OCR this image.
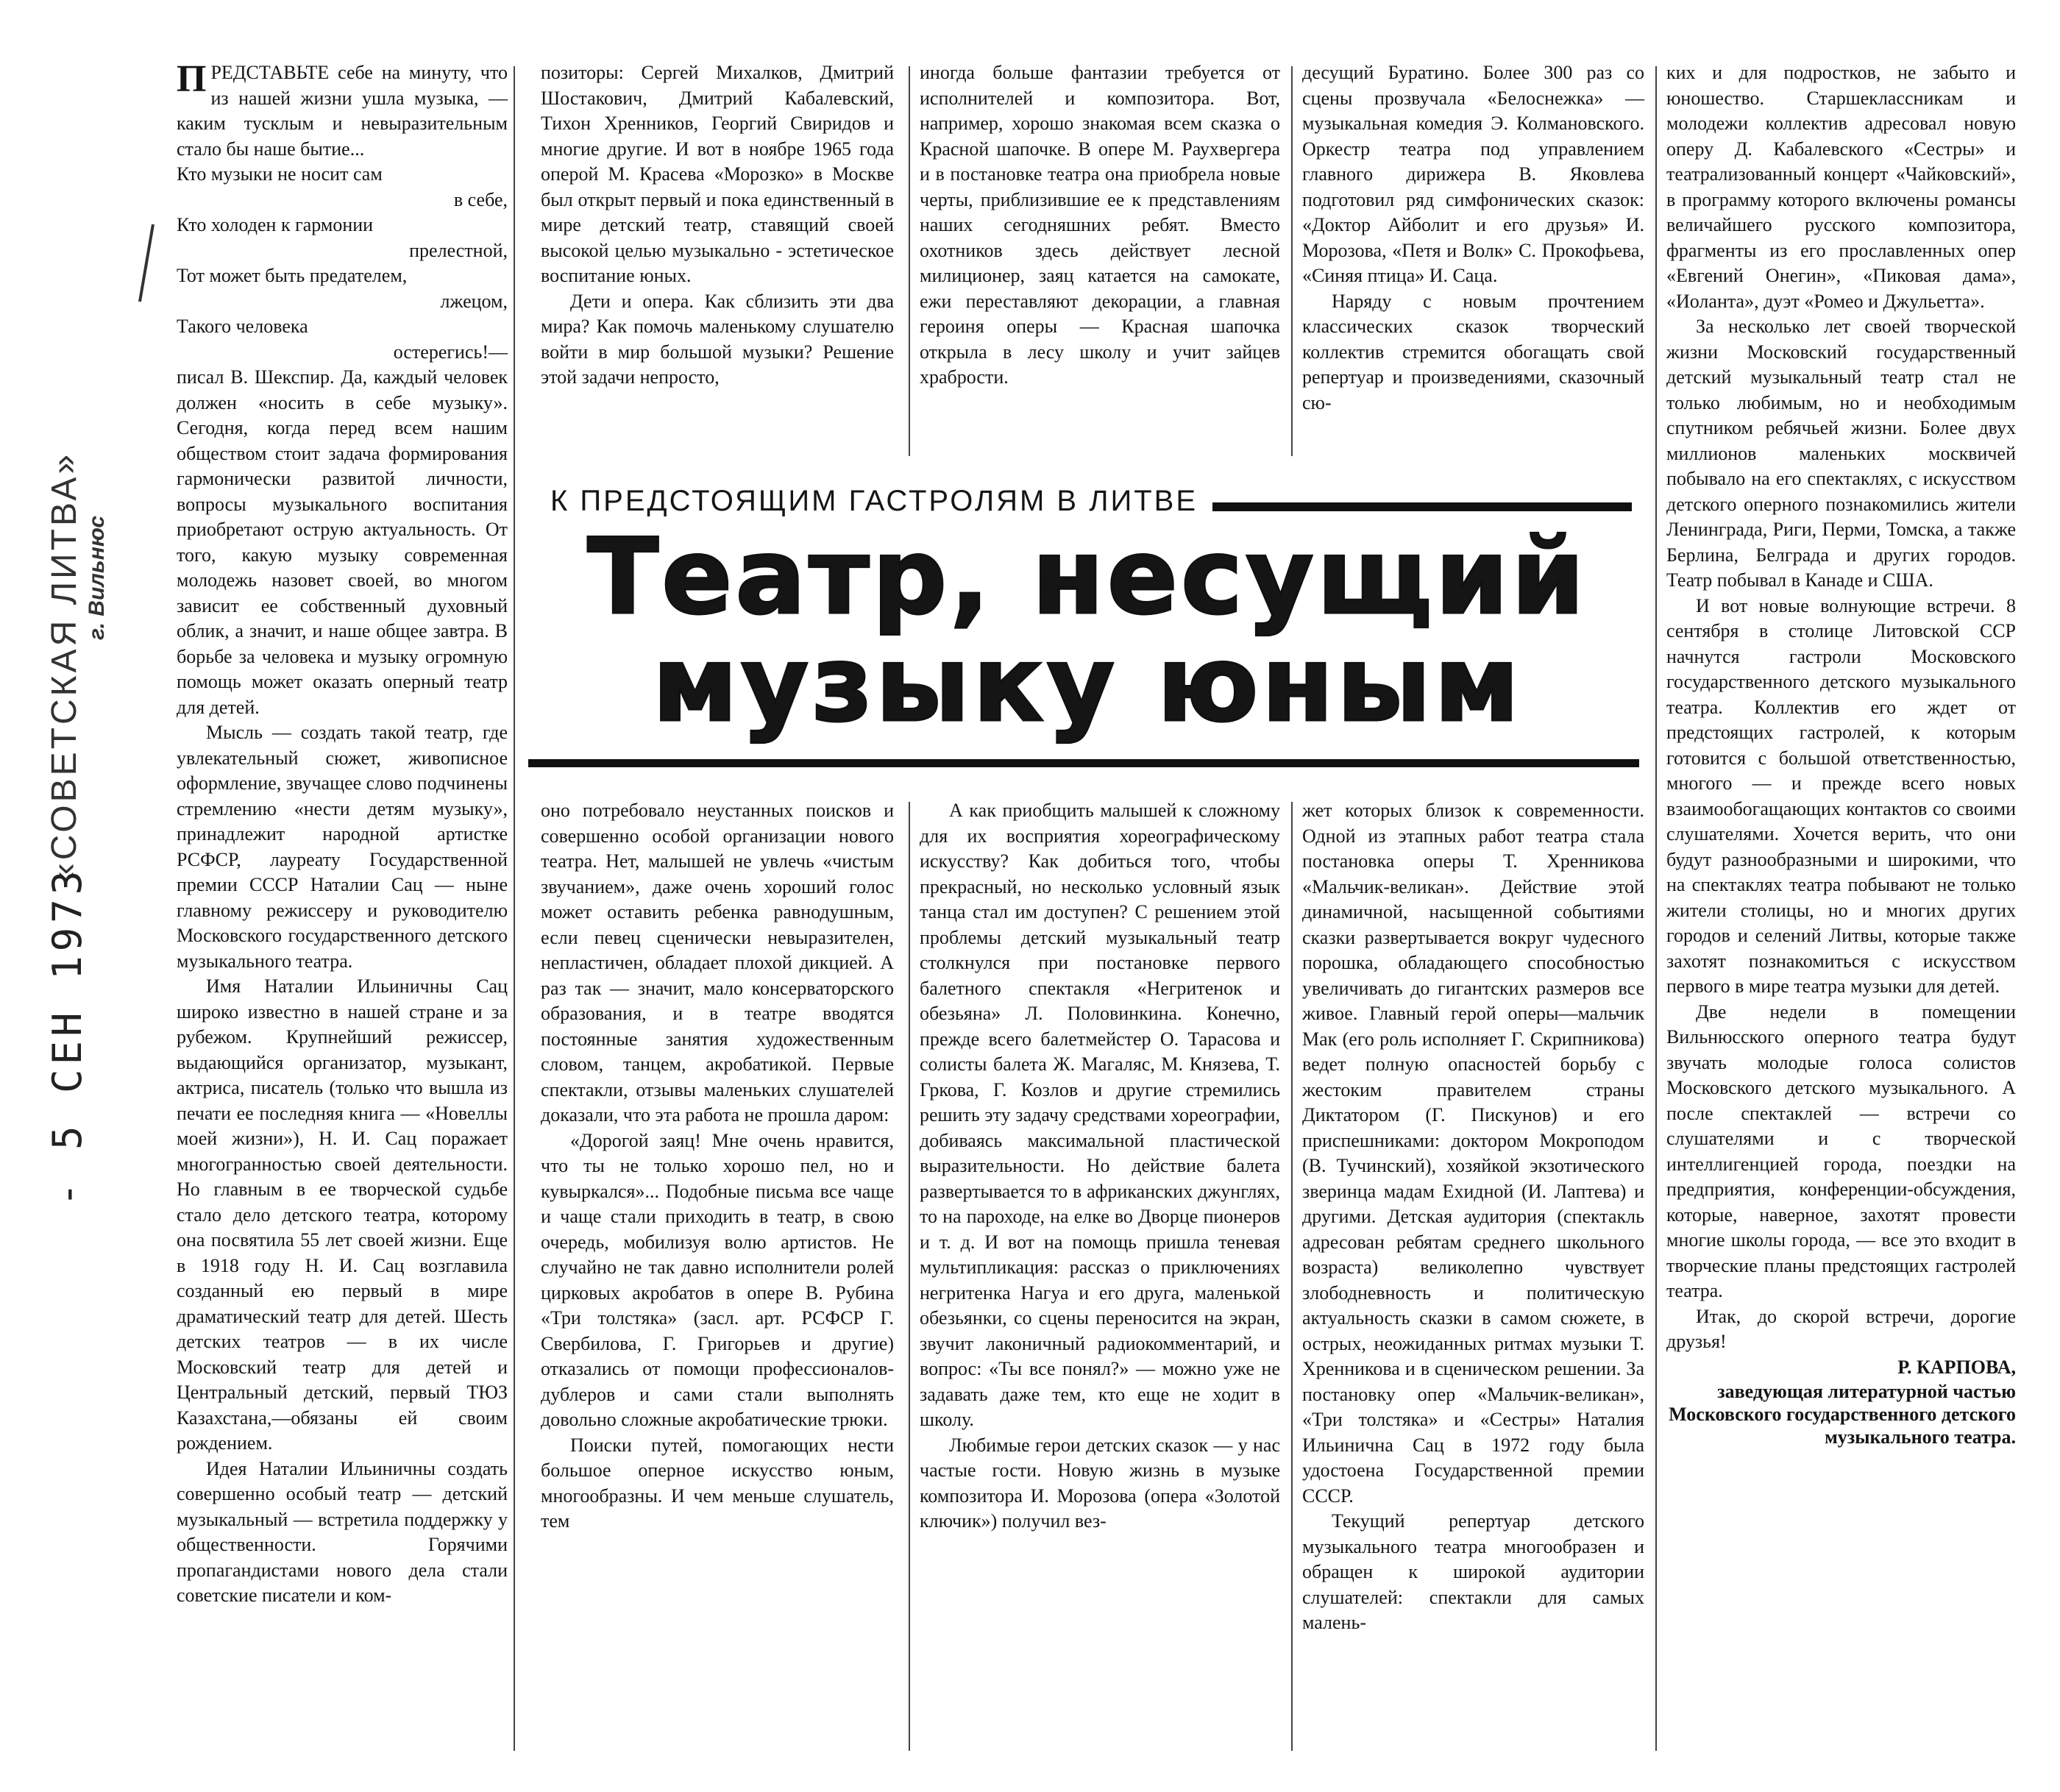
«СОВЕТСКАЯ ЛИТВА» г. Вильнюс
- 5 СЕН 1973

ПРЕДСТАВЬТЕ себе на минуту, что из нашей жизни ушла музыка, — каким тусклым и невыразительным стало бы наше бытие...

Кто музыки не носит сам
в себе,
Кто холоден к гармонии
прелестной,
Тот может быть предателем,
лжецом,
Такого человека
остерегись!—

писал В. Шекспир. Да, каждый человек должен «носить в себе музыку». Сегодня, когда перед всем нашим обществом стоит задача формирования гармонически развитой личности, вопросы музыкального воспитания приобретают острую актуальность. От того, какую музыку современная молодежь назовет своей, во многом зависит ее собственный духовный облик, а значит, и наше общее завтра. В борьбе за человека и музыку огромную помощь может оказать оперный театр для детей.

Мысль — создать такой театр, где увлекательный сюжет, живописное оформление, звучащее слово подчинены стремлению «нести детям музыку», принадлежит народной артистке РСФСР, лауреату Государственной премии СССР Наталии Сац — ныне главному режиссеру и руководителю Московского государственного детского музыкального театра.

Имя Наталии Ильиничны Сац широко известно в нашей стране и за рубежом. Крупнейший режиссер, выдающийся организатор, музыкант, актриса, писатель (только что вышла из печати ее последняя книга — «Новеллы моей жизни»), Н. И. Сац поражает многогранностью своей деятельности. Но главным в ее творческой судьбе стало дело детского театра, которому она посвятила 55 лет своей жизни. Еще в 1918 году Н. И. Сац возглавила созданный ею первый в мире драматический театр для детей. Шесть детских театров — в их числе Московский театр для детей и Центральный детский, первый ТЮЗ Казахстана,—обязаны ей своим рождением.

Идея Наталии Ильиничны создать совершенно особый театр — детский музыкальный — встретила поддержку у общественности. Горячими пропагандистами нового дела стали советские писатели и ком-

позиторы: Сергей Михалков, Дмитрий Шостакович, Дмитрий Кабалевский, Тихон Хренников, Георгий Свиридов и многие другие. И вот в ноябре 1965 года оперой М. Красева «Морозко» в Москве был открыт первый и пока единственный в мире детский театр, ставящий своей высокой целью музыкально - эстетическое воспитание юных.

Дети и опера. Как сблизить эти два мира? Как помочь маленькому слушателю войти в мир большой музыки? Решение этой задачи непросто,

иногда больше фантазии требуется от исполнителей и композитора. Вот, например, хорошо знакомая всем сказка о Красной шапочке. В опере М. Раухвергера и в постановке театра она приобрела новые черты, приблизившие ее к представлениям наших сегодняшних ребят. Вместо охотников здесь действует лесной милиционер, заяц катается на самокате, ежи переставляют декорации, а главная героиня оперы — Красная шапочка открыла в лесу школу и учит зайцев храбрости.

десущий Буратино. Более 300 раз со сцены прозвучала «Белоснежка» — музыкальная комедия Э. Колмановского. Оркестр театра под управлением главного дирижера В. Яковлева подготовил ряд симфонических сказок: «Доктор Айболит и его друзья» И. Морозова, «Петя и Волк» С. Прокофьева, «Синяя птица» И. Саца.

Наряду с новым прочтением классических сказок творческий коллектив стремится обогащать свой репертуар и произведениями, сказочный сю-

К ПРЕДСТОЯЩИМ ГАСТРОЛЯМ В ЛИТВЕ
Театр, несущий
музыку юным

оно потребовало неустанных поисков и совершенно особой организации нового театра. Нет, малышей не увлечь «чистым звучанием», даже очень хороший голос может оставить ребенка равнодушным, если певец сценически невыразителен, непластичен, обладает плохой дикцией. А раз так — значит, мало консерваторского образования, и в театре вводятся постоянные занятия художественным словом, танцем, акробатикой. Первые спектакли, отзывы маленьких слушателей доказали, что эта работа не прошла даром:

«Дорогой заяц! Мне очень нравится, что ты не только хорошо пел, но и кувыркался»... Подобные письма все чаще и чаще стали приходить в театр, в свою очередь, мобилизуя волю артистов. Не случайно не так давно исполнители ролей цирковых акробатов в опере В. Рубина «Три толстяка» (засл. арт. РСФСР Г. Свербилова, Г. Григорьев и другие) отказались от помощи профессионалов-дублеров и сами стали выполнять довольно сложные акробатические трюки.

Поиски путей, помогающих нести большое оперное искусство юным, многообразны. И чем меньше слушатель, тем

А как приобщить малышей к сложному для их восприятия хореографическому искусству? Как добиться того, чтобы прекрасный, но несколько условный язык танца стал им доступен? С решением этой проблемы детский музыкальный театр столкнулся при постановке первого балетного спектакля «Негритенок и обезьяна» Л. Половинкина. Конечно, прежде всего балетмейстер О. Тарасова и солисты балета Ж. Магаляс, М. Князева, Т. Гркова, Г. Козлов и другие стремились решить эту задачу средствами хореографии, добиваясь максимальной пластической выразительности. Но действие балета развертывается то в африканских джунглях, то на пароходе, на елке во Дворце пионеров и т. д. И вот на помощь пришла теневая мультипликация: рассказ о приключениях негритенка Нагуа и его друга, маленькой обезьянки, со сцены переносится на экран, звучит лаконичный радиокомментарий, и вопрос: «Ты все понял?» — можно уже не задавать даже тем, кто еще не ходит в школу.

Любимые герои детских сказок — у нас частые гости. Новую жизнь в музыке композитора И. Морозова (опера «Золотой ключик») получил вез-

жет которых близок к современности. Одной из этапных работ театра стала постановка оперы Т. Хренникова «Мальчик-великан». Действие этой динамичной, насыщенной событиями сказки развертывается вокруг чудесного порошка, обладающего способностью увеличивать до гигантских размеров все живое. Главный герой оперы—мальчик Мак (его роль исполняет Г. Скрипникова) ведет полную опасностей борьбу с жестоким правителем страны Диктатором (Г. Пискунов) и его приспешниками: доктором Мокроподом (В. Тучинский), хозяйкой экзотического зверинца мадам Ехидной (И. Лаптева) и другими. Детская аудитория (спектакль адресован ребятам среднего школьного возраста) великолепно чувствует злободневность и политическую актуальность сказки в самом сюжете, в острых, неожиданных ритмах музыки Т. Хренникова и в сценическом решении. За постановку опер «Мальчик-великан», «Три толстяка» и «Сестры» Наталия Ильинична Сац в 1972 году была удостоена Государственной премии СССР.

Текущий репертуар детского музыкального театра многообразен и обращен к широкой аудитории слушателей: спектакли для самых малень-

ких и для подростков, не забыто и юношество. Старшеклассникам и молодежи коллектив адресовал новую оперу Д. Кабалевского «Сестры» и театрализованный концерт «Чайковский», в программу которого включены романсы величайшего русского композитора, фрагменты из его прославленных опер «Евгений Онегин», «Пиковая дама», «Иоланта», дуэт «Ромео и Джульетта».

За несколько лет своей творческой жизни Московский государственный детский музыкальный театр стал не только любимым, но и необходимым спутником ребячьей жизни. Более двух миллионов маленьких москвичей побывало на его спектаклях, с искусством детского оперного познакомились жители Ленинграда, Риги, Перми, Томска, а также Берлина, Белграда и других городов. Театр побывал в Канаде и США.

И вот новые волнующие встречи. 8 сентября в столице Литовской ССР начнутся гастроли Московского государственного детского музыкального театра. Коллектив его ждет от предстоящих гастролей, к которым готовится с большой ответственностью, многого — и прежде всего новых взаимообогащающих контактов со своими слушателями. Хочется верить, что они будут разнообразными и широкими, что на спектаклях театра побывают не только жители столицы, но и многих других городов и селений Литвы, которые также захотят познакомиться с искусством первого в мире театра музыки для детей.

Две недели в помещении Вильнюсского оперного театра будут звучать молодые голоса солистов Московского детского музыкального. А после спектаклей — встречи со слушателями и с творческой интеллигенцией города, поездки на предприятия, конференции-обсуждения, которые, наверное, захотят провести многие школы города, — все это входит в творческие планы предстоящих гастролей театра.

Итак, до скорой встречи, дорогие друзья!

Р. КАРПОВА,

заведующая литературной частью Московского государственного детского музыкального театра.
